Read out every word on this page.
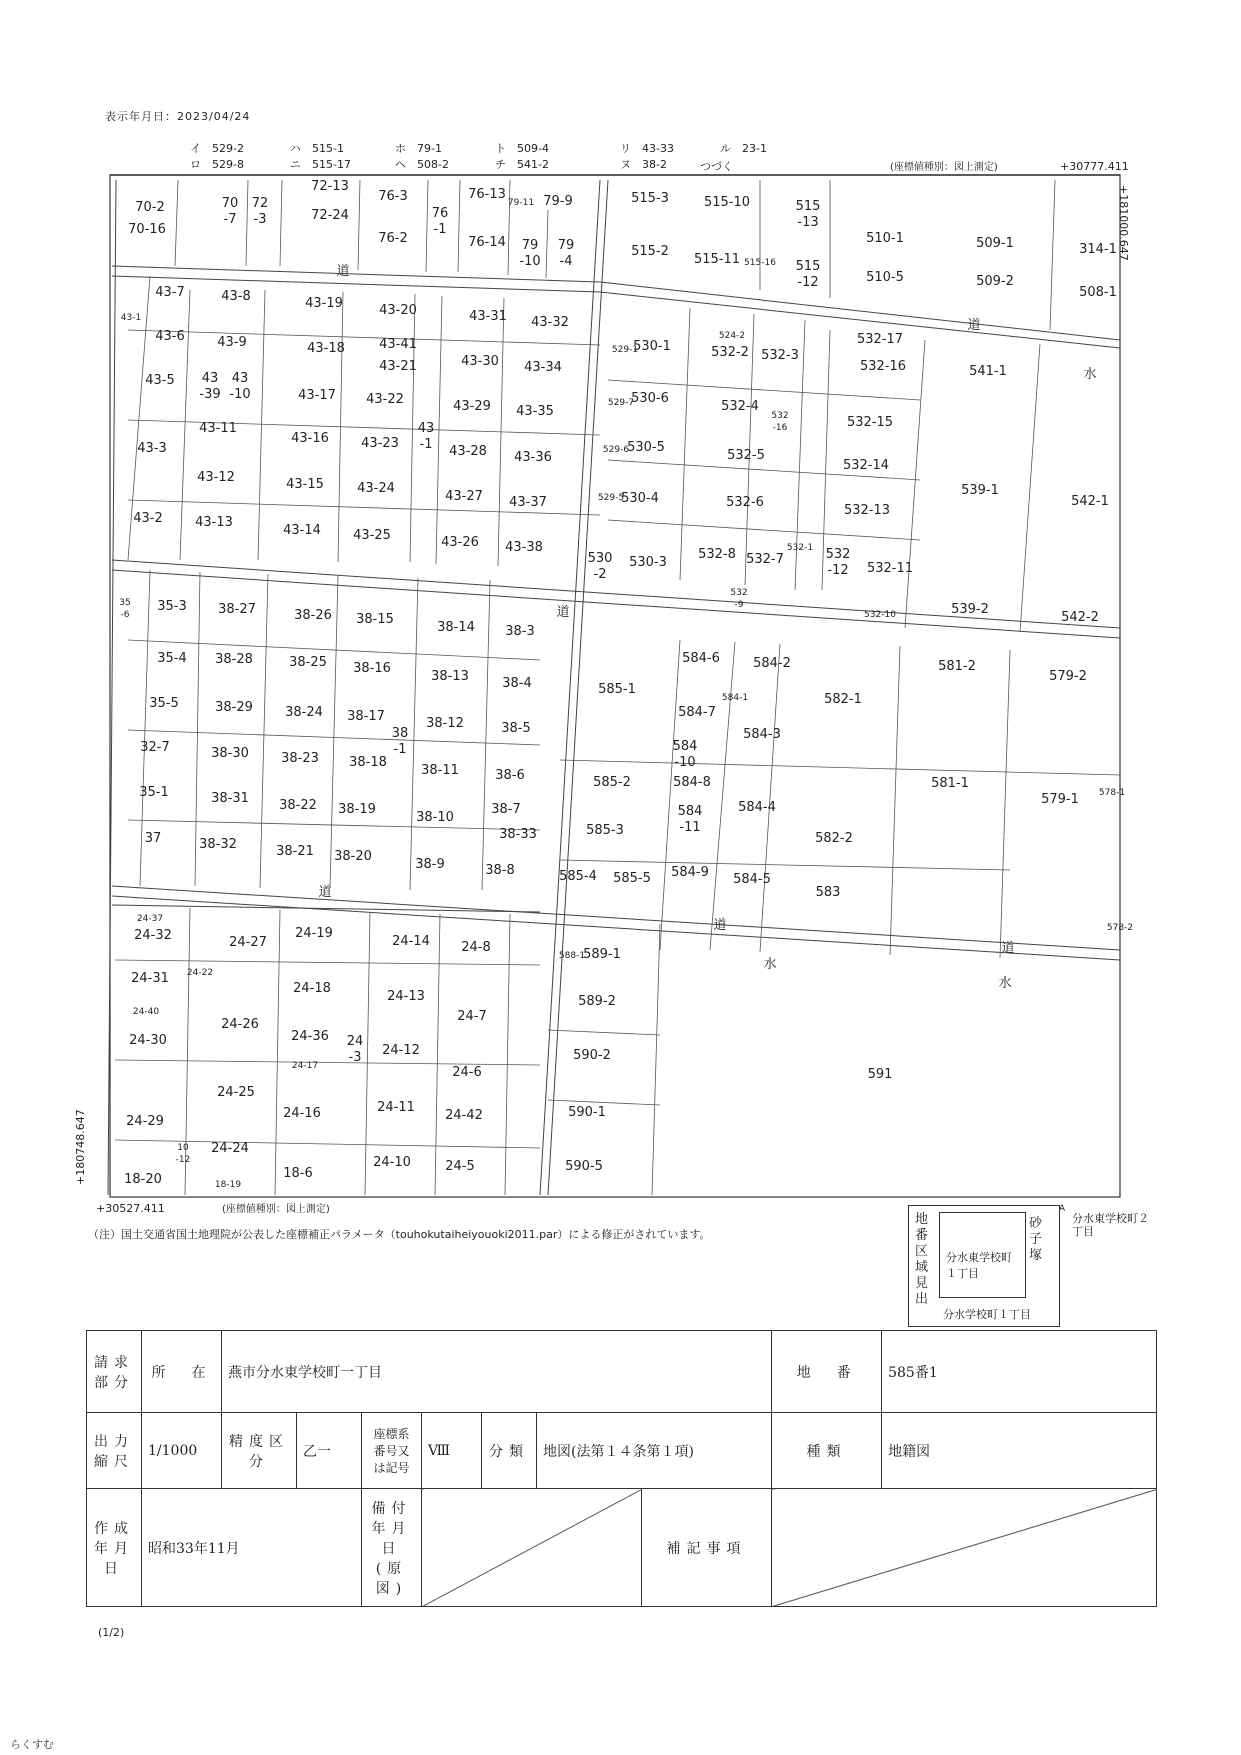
表示年月日：2023/04/24
イ　529-2
ロ　529-8
ハ　515-1
ニ　515-17
ホ　79-1
ヘ　508-2
ト　509-4
チ　541-2
リ　43-33
ヌ　38-2
ル　23-1
(座標値種別：図上測定)	+30777.411
つづく
+181000.647
+180748.647
+30527.411	(座標値種別：図上測定)
70-2
70-16
70
-7
72
-3
72-13
72-24
76-3
76
-1
76-2
76-13
76-14
79-9
79
-10
79
-4
515-3	515-10	515
-13
515-2
515-11	515
-12
510-1
510-5
509-1
509-2
314-1
508-1
43-7	43-8	43-19	43-20	43-31 43-32
43-6 43-9	43-18	43-41
43-21	43-30 43-34
43-5 43
-39
43
-10	43-17 43-22	43-29 43-35
43-3
43-11
43-16 43-23
43
-1 43-28 43-36
43-12	43-15	43-24
43-27 43-37
43-2 43-13
43-14 43-25	43-26 43-38
530-1	532-2 532-3
532-17
532-16	541-1	水
530-6
532-4
532-15
530-5
532-5
532-14
539-1
542-1
530-4	532-6
532-13
530
-2
530-3
532-8 532-7	532
-12 532-11
539-2
542-2
35-3 38-27	38-26 38-15
38-14 38-3
35-4 38-28	38-25 38-16
38-13	38-4
35-5	38-29 38-24 38-17	38-12	38-5
32-7	38-30 38-23 38-18
38
-1
38-11	38-6
35-1	38-31 38-22 38-19
38-10
38-7
38-33
37	38-32	38-21 38-20
38-9	38-8
585-1
584-6	584-2
584-7
584
-10
584-3
585-2	584-8
584-4
584
-11
585-3
585-4 585-5 584-9 584-5
582-1
582-2
583
581-2
581-1
579-2
579-1
24-32	24-27
24-19
24-14 24-8
24-31
24-18
24-13
24-7
24-30
24-26
24-36 24
-3 24-12
24-6
24-29
24-25
24-16	24-11
24-42
24-24
24-10	24-5
18-20	18-6
589-1
589-2
590-2
590-1
590-5
591
水
水
道
道
道
道
道
道
529-1
529-7
529-6
529-5
524-2
532
-16
532
-9
532-10
584-1
515-16
532-1
578-1
578-2
24-22
24-37
24-40
24-17
10
-12
18-19
588-1
79-11
43-1
35
-6
A
（注）国土交通省国土地理院が公表した座標補正パラメータ（touhokutaiheiyouoki2011.par）による修正がされています。
地番区域見出
分水東学校町１丁目
砂子塚
分水学校町１丁目
分水東学校町２丁目
請求部分	所　在	燕市分水東学校町一丁目							地　番	585番1
出力縮尺	1/1000	精度区分	乙一	座標系番号又は記号	Ⅷ	分類	地図(法第１４条第１項)		種類	地籍図
作成年月日	昭和33年11月			備付年月日(原図)				補記事項		
(1/2)
らくすむ
